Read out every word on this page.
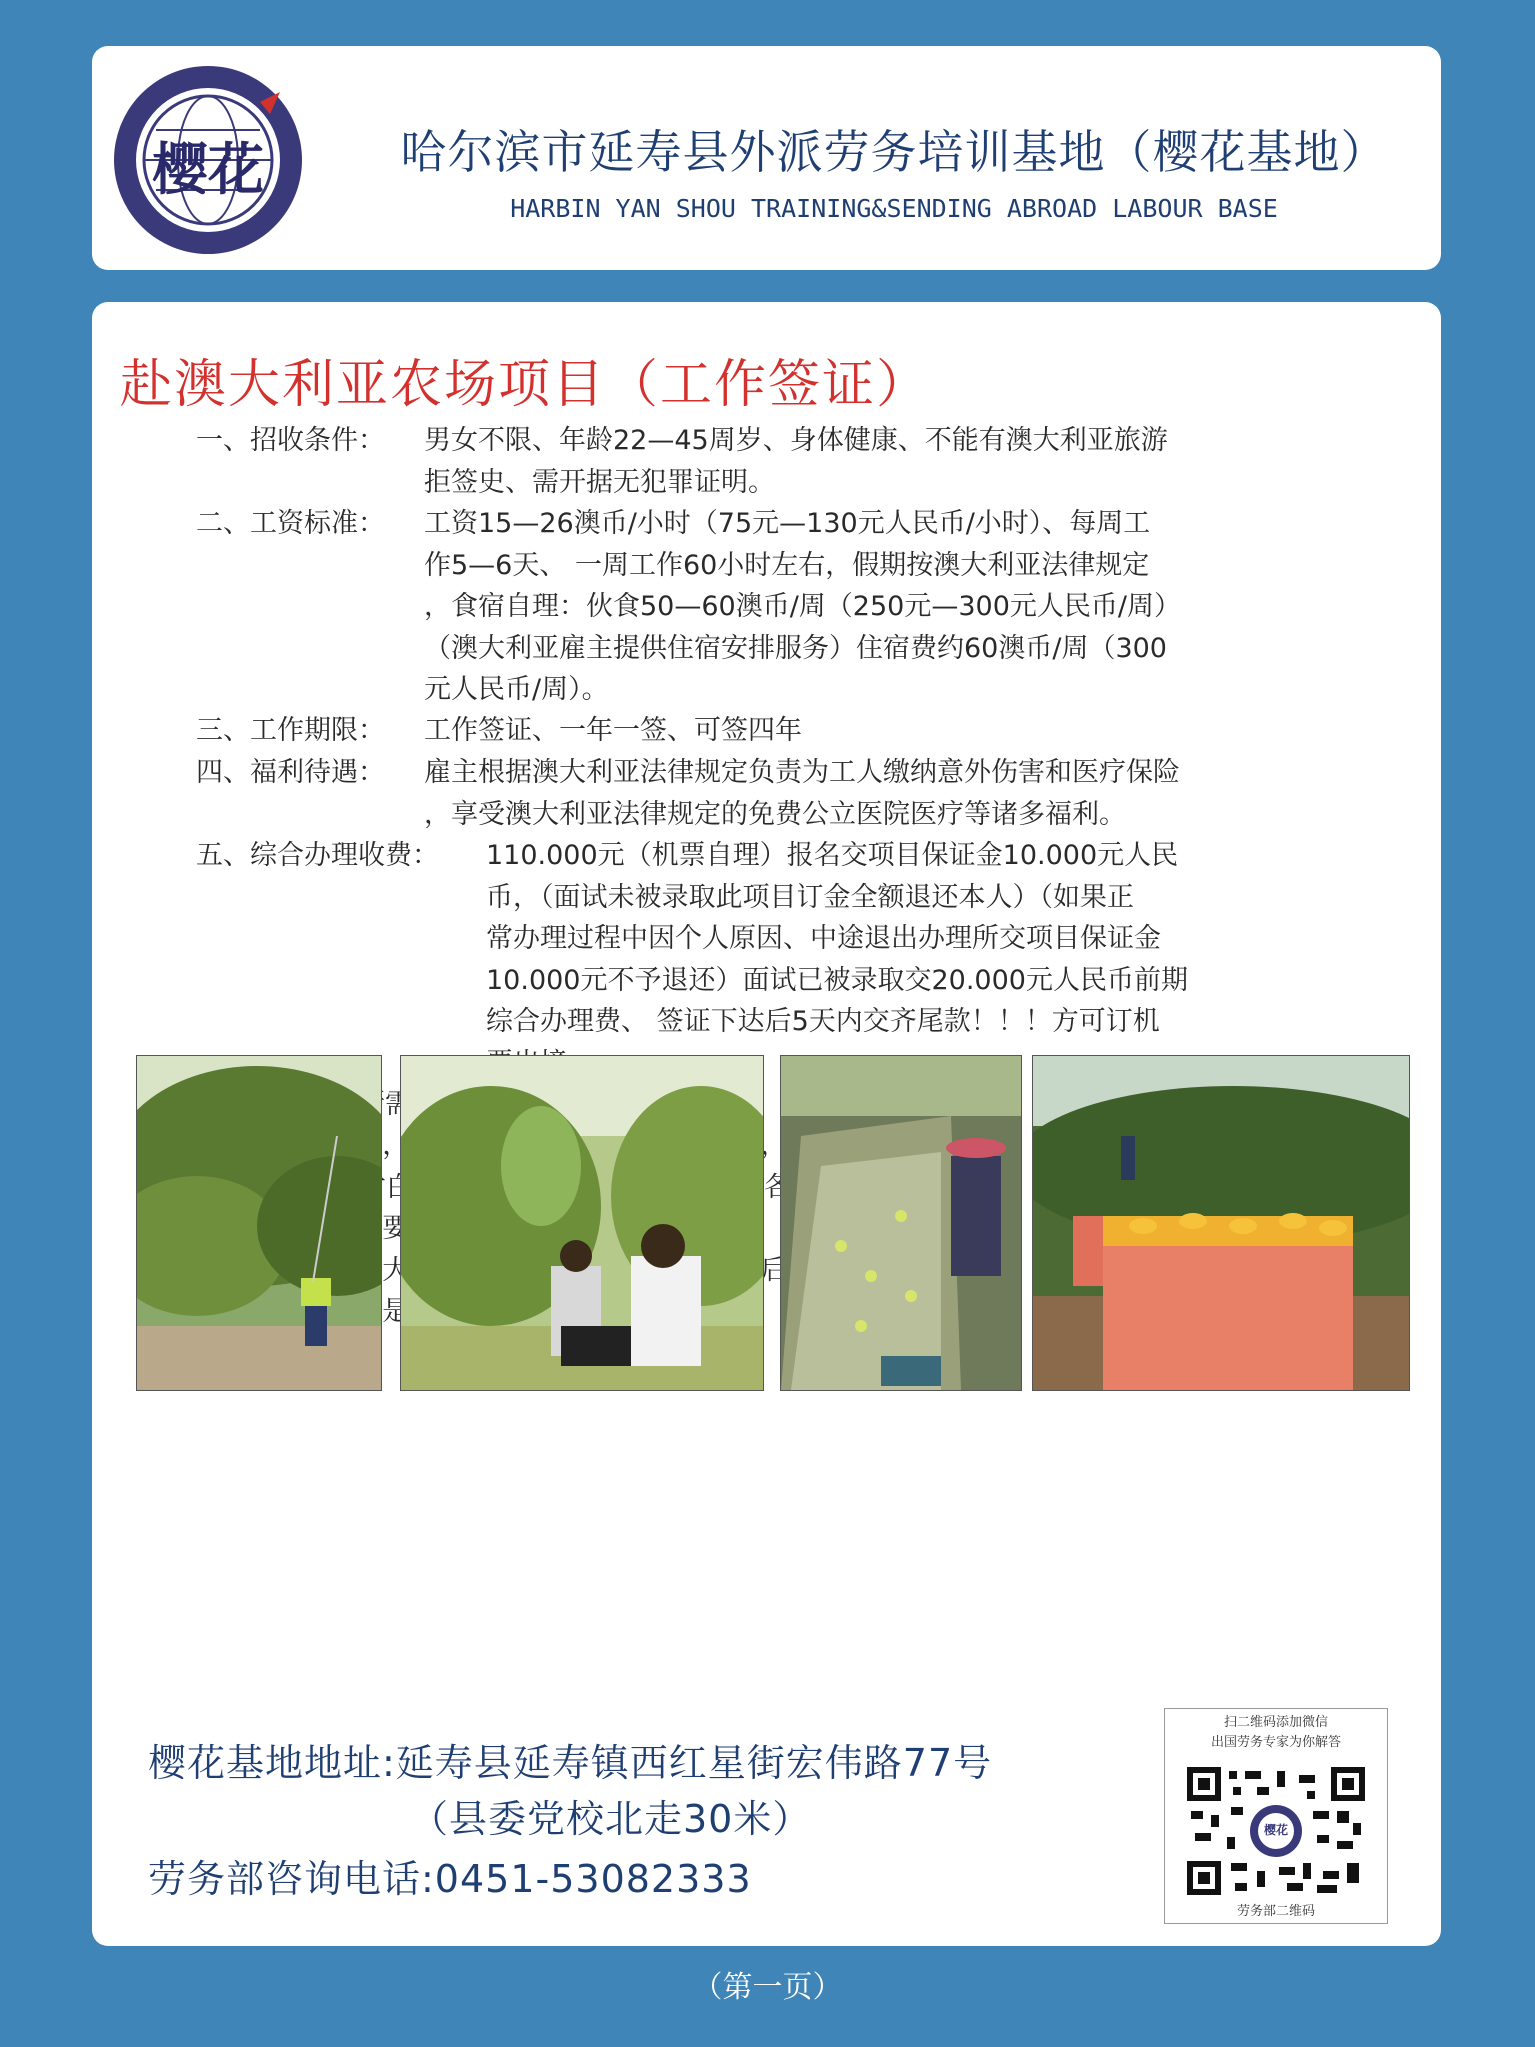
樱花	哈尔滨市延寿县外派劳务培训基地（樱花基地）
HARBIN YAN SHOU TRAINING&SENDING ABROAD LABOUR BASE
赴澳大利亚农场项目（工作签证）
一、招收条件： 男女不限、年龄22—45周岁、身体健康、不能有澳大利亚旅游
拒签史、需开据无犯罪证明。
二、工资标准： 工资15—26澳币/小时（75元—130元人民币/小时）、每周工
作5—6天、 一周工作60小时左右，假期按澳大利亚法律规定
，食宿自理：伙食50—60澳币/周（250元—300元人民币/周）
（澳大利亚雇主提供住宿安排服务）住宿费约60澳币/周（300
元人民币/周）。
三、工作期限： 工作签证、一年一签、可签四年
四、福利待遇： 雇主根据澳大利亚法律规定负责为工人缴纳意外伤害和医疗保险
，享受澳大利亚法律规定的免费公立医院医疗等诸多福利。
五、综合办理收费： 110.000元（机票自理）报名交项目保证金10.000元人民
币，（面试未被录取此项目订金全额退还本人）（如果正
常办理过程中因个人原因、中途退出办理所交项目保证金
10.000元不予退还）面试已被录取交20.000元人民币前期
综合办理费、 签证下达后5天内交齐尾款！！！方可订机
樱花基地地址:延寿县延寿镇西红星街宏伟路77号
（县委党校北走30米）
劳务部咨询电话:0451-53082333
扫二维码添加微信
出国劳务专家为你解答
樱花
劳务部二维码
（第一页）
